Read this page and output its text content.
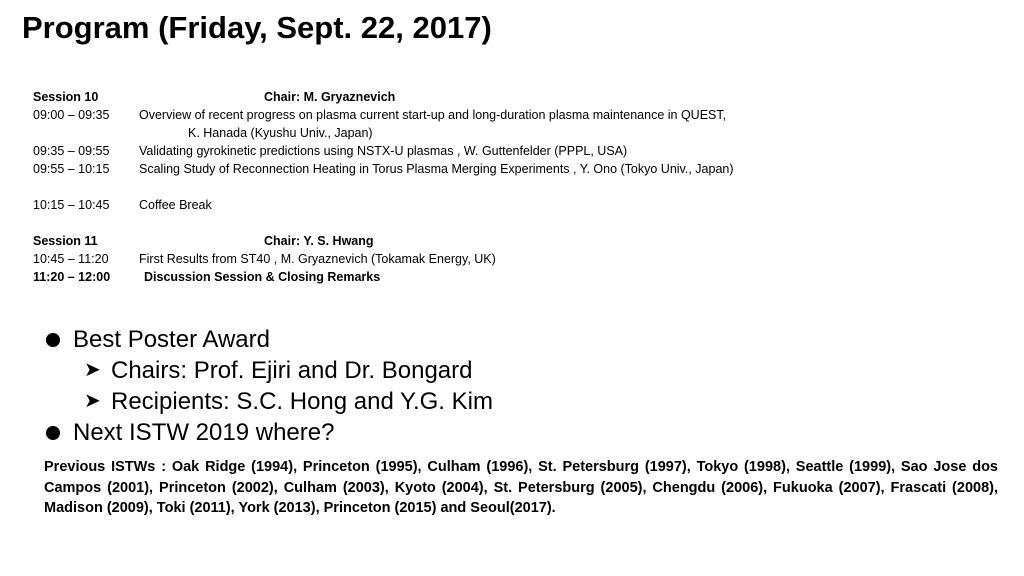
Program (Friday, Sept. 22, 2017)
Session 10	Chair: M. Gryaznevich
09:00 – 09:35 Overview of recent progress on plasma current start-up and long-duration plasma maintenance in QUEST,
K. Hanada (Kyushu Univ., Japan)
09:35 – 09:55 Validating gyrokinetic predictions using NSTX-U plasmas , W. Guttenfelder (PPPL, USA)
09:55 – 10:15 Scaling Study of Reconnection Heating in Torus Plasma Merging Experiments , Y. Ono (Tokyo Univ., Japan)
10:15 – 10:45 Coffee Break
Session 11	Chair: Y. S. Hwang
10:45 – 11:20 First Results from ST40 , M. Gryaznevich (Tokamak Energy, UK)
11:20 – 12:00	Discussion Session & Closing Remarks
Best Poster Award
➤ Chairs: Prof. Ejiri and Dr. Bongard
➤ Recipients: S.C. Hong and Y.G. Kim
Next ISTW 2019 where?
Previous ISTWs : Oak Ridge (1994), Princeton (1995), Culham (1996), St. Petersburg (1997), Tokyo (1998), Seattle (1999), Sao Jose dos Campos (2001), Princeton (2002), Culham (2003), Kyoto (2004), St. Petersburg (2005), Chengdu (2006), Fukuoka (2007), Frascati (2008), Madison (2009), Toki (2011), York (2013), Princeton (2015) and Seoul(2017).
